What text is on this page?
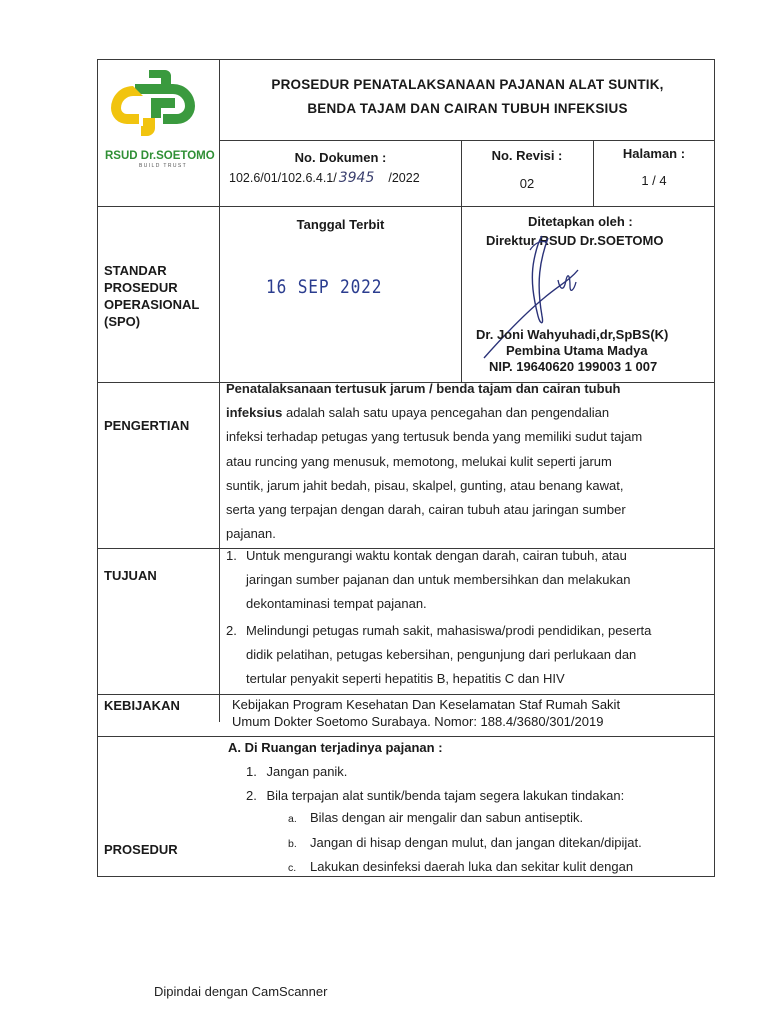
RSUD Dr.SOETOMO
BUILD TRUST
PROSEDUR PENATALAKSANAAN PAJANAN ALAT SUNTIK,
BENDA TAJAM DAN CAIRAN TUBUH INFEKSIUS
No. Dokumen :
102.6/01/102.6.4.1/ 3945 /2022
No. Revisi :
02
Halaman :
1 / 4
STANDAR
PROSEDUR
OPERASIONAL
(SPO)
Tanggal Terbit
16 SEP 2022
Ditetapkan oleh :
Direktur RSUD Dr.SOETOMO
Dr. Joni Wahyuhadi,dr,SpBS(K)
Pembina Utama Madya
NIP. 19640620 199003 1 007
PENGERTIAN
Penatalaksanaan tertusuk jarum / benda tajam dan cairan tubuh
infeksius adalah salah satu upaya pencegahan dan pengendalian
infeksi terhadap petugas yang tertusuk benda yang memiliki sudut tajam
atau runcing yang menusuk, memotong, melukai kulit seperti jarum
suntik, jarum jahit bedah, pisau, skalpel, gunting, atau benang kawat,
serta yang terpajan dengan darah, cairan tubuh atau jaringan sumber
pajanan.
TUJUAN
1. Untuk mengurangi waktu kontak dengan darah, cairan tubuh, atau
jaringan sumber pajanan dan untuk membersihkan dan melakukan
dekontaminasi tempat pajanan.
2. Melindungi petugas rumah sakit, mahasiswa/prodi pendidikan, peserta
didik pelatihan, petugas kebersihan, pengunjung dari perlukaan dan
tertular penyakit seperti hepatitis B, hepatitis C dan HIV
KEBIJAKAN	Kebijakan Program Kesehatan Dan Keselamatan Staf Rumah Sakit
Umum Dokter Soetomo Surabaya. Nomor: 188.4/3680/301/2019
PROSEDUR
A. Di Ruangan terjadinya pajanan :
1. Jangan panik.
2. Bila terpajan alat suntik/benda tajam segera lakukan tindakan:
a. Bilas dengan air mengalir dan sabun antiseptik.
b. Jangan di hisap dengan mulut, dan jangan ditekan/dipijat.
c. Lakukan desinfeksi daerah luka dan sekitar kulit dengan
Dipindai dengan CamScanner
